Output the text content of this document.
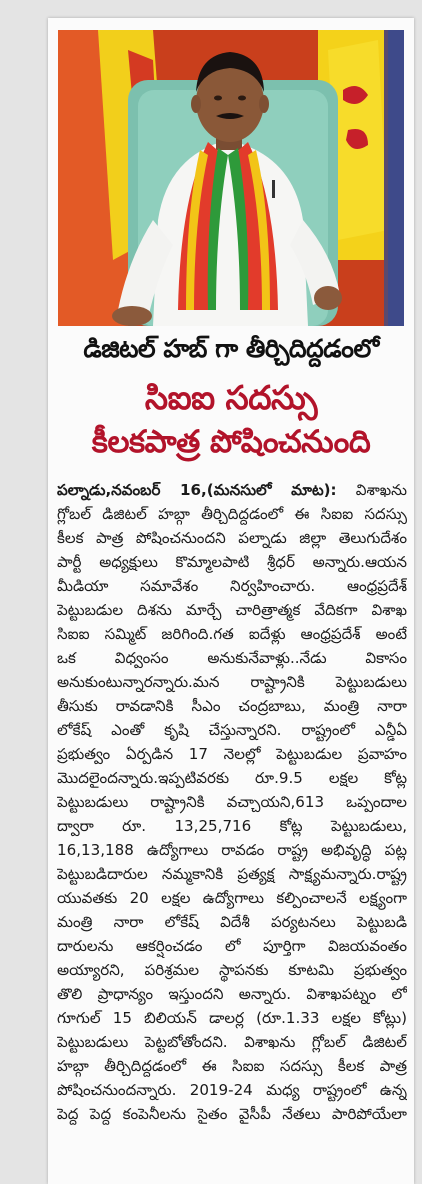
డిజిటల్ హబ్ గా తీర్చిదిద్దడంలో
సిఐఐ సదస్సు
కీలకపాత్ర పోషించనుంది
పల్నాడు,నవంబర్ 16,(మనసులో మాట): విశాఖను
గ్లోబల్ డిజిటల్ హబ్గా తీర్చిదిద్దడంలో ఈ సిఐఐ సదస్సు
కీలక పాత్ర పోషించనుందని పల్నాడు జిల్లా తెలుగుదేశం
పార్టీ అధ్యక్షులు కొమ్మాలపాటి శ్రీధర్ అన్నారు.ఆయన
మీడియా సమావేశం నిర్వహించారు. ఆంధ్రప్రదేశ్
పెట్టుబడుల దిశను మార్చే చారిత్రాత్మక వేదికగా విశాఖ
సిఐఐ సమ్మిట్ జరిగింది.గత ఐదేళ్లు ఆంధ్రప్రదేశ్ అంటే
ఒక విధ్వంసం అనుకునేవాళ్లు..నేడు వికాసం
అనుకుంటున్నారన్నారు.మన రాష్ట్రానికి పెట్టుబడులు
తీసుకు రావడానికి సీఎం చంద్రబాబు, మంత్రి నారా
లోకేష్ ఎంతో కృషి చేస్తున్నారని. రాష్ట్రంలో ఎన్డీఏ
ప్రభుత్వం ఏర్పడిన 17 నెలల్లో పెట్టుబడుల ప్రవాహం
మొదలైందన్నారు.ఇప్పటివరకు రూ.9.5 లక్షల కోట్ల
పెట్టుబడులు రాష్ట్రానికి వచ్చాయని,613 ఒప్పందాల
ద్వారా రూ. 13,25,716 కోట్ల పెట్టుబడులు,
16,13,188 ఉద్యోగాలు రావడం రాష్ట్ర అభివృద్ధి పట్ల
పెట్టుబడిదారుల నమ్మకానికి ప్రత్యక్ష సాక్ష్యమన్నారు.రాష్ట్ర
యువతకు 20 లక్షల ఉద్యోగాలు కల్పించాలనే లక్ష్యంగా
మంత్రి నారా లోకేష్ విదేశీ పర్యటనలు పెట్టుబడి
దారులను ఆకర్షించడం లో పూర్తిగా విజయవంతం
అయ్యారని, పరిశ్రమల స్థాపనకు కూటమి ప్రభుత్వం
తొలి ప్రాధాన్యం ఇస్తుందని అన్నారు. విశాఖపట్నం లో
గూగుల్ 15 బిలియన్ డాలర్ల (రూ.1.33 లక్షల కోట్లు)
పెట్టుబడులు పెట్టబోతోందని. విశాఖను గ్లోబల్ డిజిటల్
హబ్గా తీర్చిదిద్దడంలో ఈ సిఐఐ సదస్సు కీలక పాత్ర
పోషించనుందన్నారు. 2019-24 మధ్య రాష్ట్రంలో ఉన్న
పెద్ద పెద్ద కంపెనీలను సైతం వైసీపీ నేతలు పారిపోయేలా
